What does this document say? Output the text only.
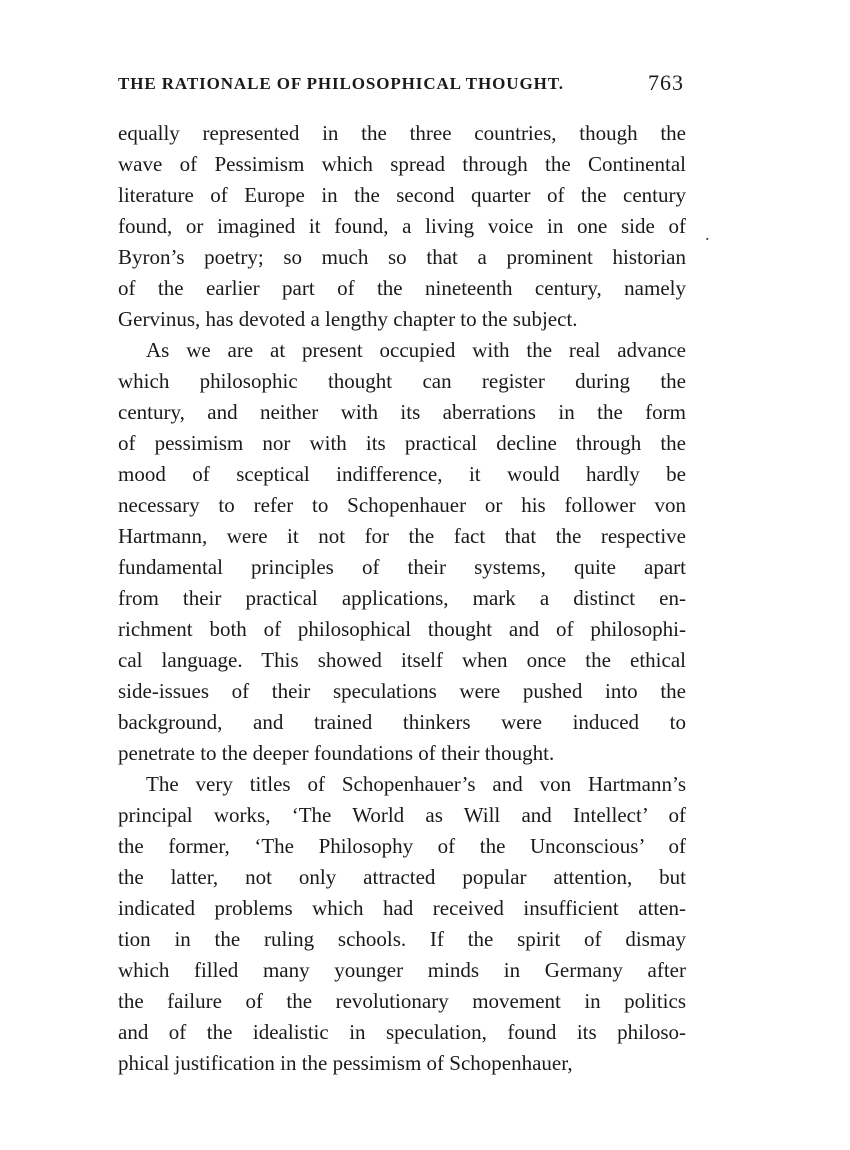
THE RATIONALE OF PHILOSOPHICAL THOUGHT.	763
.
equally represented in the three countries, though the
wave of Pessimism which spread through the Continental
literature of Europe in the second quarter of the century
found, or imagined it found, a living voice in one side of
Byron’s poetry; so much so that a prominent historian
of the earlier part of the nineteenth century, namely
Gervinus, has devoted a lengthy chapter to the subject.
As we are at present occupied with the real advance
which philosophic thought can register during the
century, and neither with its aberrations in the form
of pessimism nor with its practical decline through the
mood of sceptical indifference, it would hardly be
necessary to refer to Schopenhauer or his follower von
Hartmann, were it not for the fact that the respective
fundamental principles of their systems, quite apart
from their practical applications, mark a distinct en-
richment both of philosophical thought and of philosophi-
cal language. This showed itself when once the ethical
side-issues of their speculations were pushed into the
background, and trained thinkers were induced to
penetrate to the deeper foundations of their thought.
The very titles of Schopenhauer’s and von Hartmann’s
principal works, ‘The World as Will and Intellect’ of
the former, ‘The Philosophy of the Unconscious’ of
the latter, not only attracted popular attention, but
indicated problems which had received insufficient atten-
tion in the ruling schools. If the spirit of dismay
which filled many younger minds in Germany after
the failure of the revolutionary movement in politics
and of the idealistic in speculation, found its philoso-
phical justification in the pessimism of Schopenhauer,
